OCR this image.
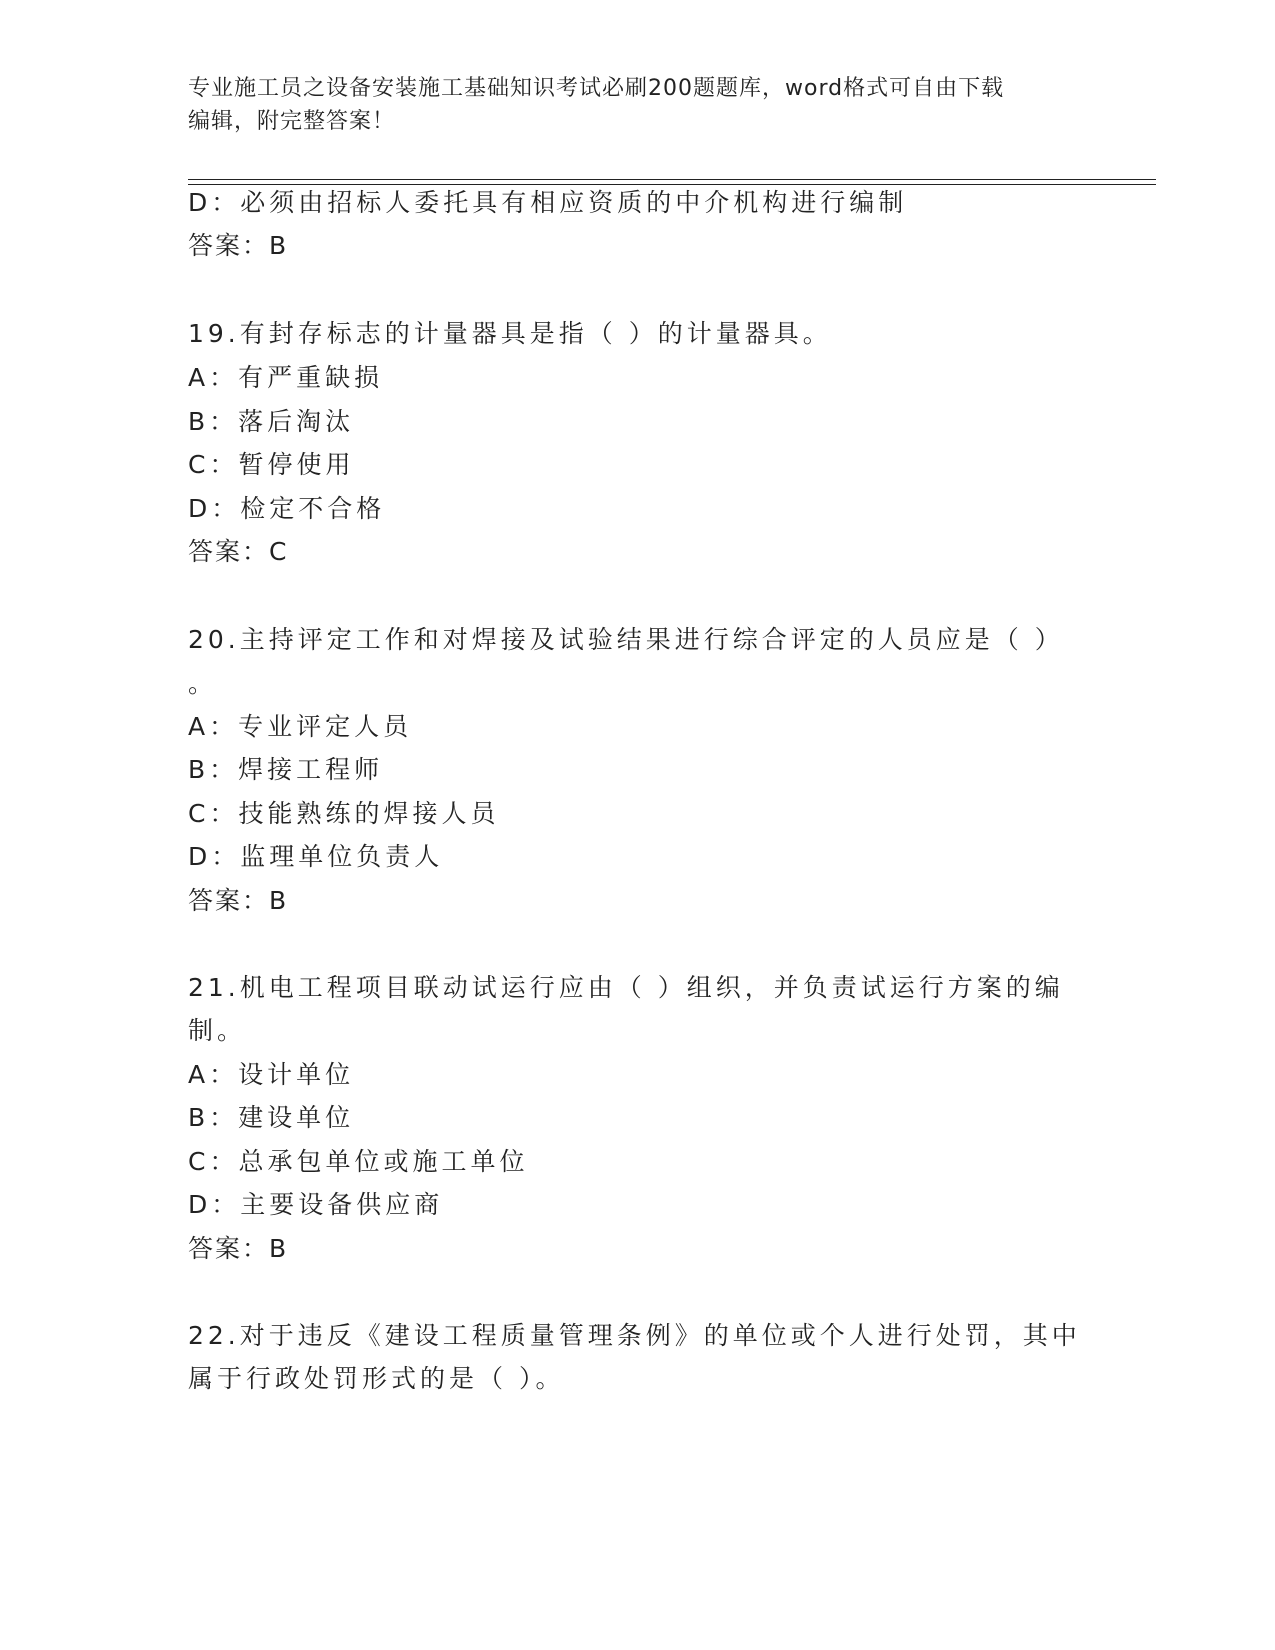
专业施工员之设备安装施工基础知识考试必刷200题题库，word格式可自由下载
编辑，附完整答案！
D：必须由招标人委托具有相应资质的中介机构进行编制
答案：B
19.有封存标志的计量器具是指（ ）的计量器具。
A：有严重缺损
B：落后淘汰
C：暂停使用
D：检定不合格
答案：C
20.主持评定工作和对焊接及试验结果进行综合评定的人员应是（ ）
。
A：专业评定人员
B：焊接工程师
C：技能熟练的焊接人员
D：监理单位负责人
答案：B
21.机电工程项目联动试运行应由（ ）组织，并负责试运行方案的编
制。
A：设计单位
B：建设单位
C：总承包单位或施工单位
D：主要设备供应商
答案：B
22.对于违反《建设工程质量管理条例》的单位或个人进行处罚，其中
属于行政处罚形式的是（ ）。
